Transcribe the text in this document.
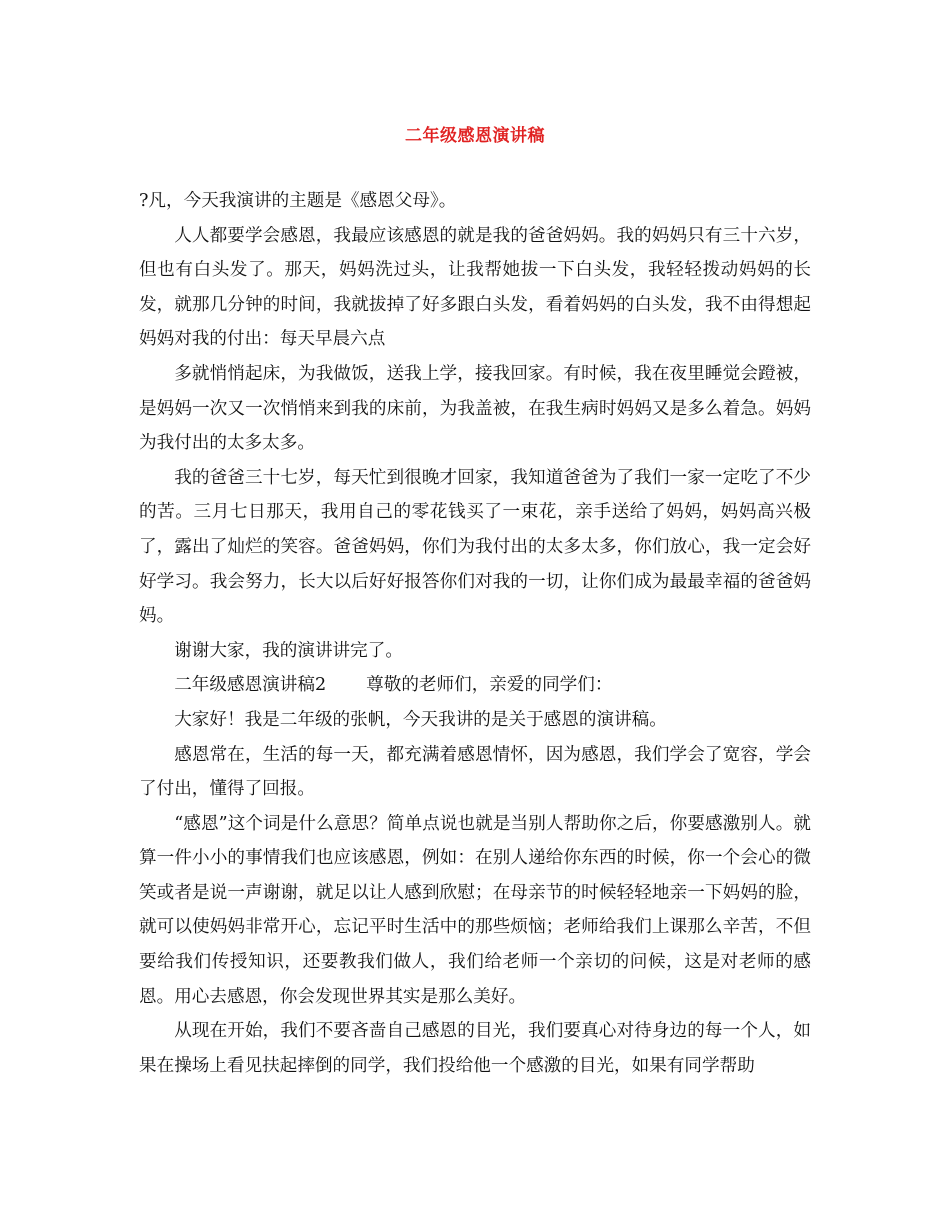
二年级感恩演讲稿

?凡，今天我演讲的主题是《感恩父母》。

人人都要学会感恩，我最应该感恩的就是我的爸爸妈妈。我的妈妈只有三十六岁，但也有白头发了。那天，妈妈洗过头，让我帮她拔一下白头发，我轻轻拨动妈妈的长发，就那几分钟的时间，我就拔掉了好多跟白头发，看着妈妈的白头发，我不由得想起妈妈对我的付出：每天早晨六点

多就悄悄起床，为我做饭，送我上学，接我回家。有时候，我在夜里睡觉会蹬被，是妈妈一次又一次悄悄来到我的床前，为我盖被，在我生病时妈妈又是多么着急。妈妈为我付出的太多太多。

我的爸爸三十七岁，每天忙到很晚才回家，我知道爸爸为了我们一家一定吃了不少的苦。三月七日那天，我用自己的零花钱买了一束花，亲手送给了妈妈，妈妈高兴极了，露出了灿烂的笑容。爸爸妈妈，你们为我付出的太多太多，你们放心，我一定会好好学习。我会努力，长大以后好好报答你们对我的一切，让你们成为最最幸福的爸爸妈妈。

谢谢大家，我的演讲讲完了。

二年级感恩演讲稿2 尊敬的老师们，亲爱的同学们：

大家好！我是二年级的张帆，今天我讲的是关于感恩的演讲稿。

感恩常在，生活的每一天，都充满着感恩情怀，因为感恩，我们学会了宽容，学会了付出，懂得了回报。

“感恩”这个词是什么意思？简单点说也就是当别人帮助你之后，你要感激别人。就算一件小小的事情我们也应该感恩，例如：在别人递给你东西的时候，你一个会心的微笑或者是说一声谢谢，就足以让人感到欣慰；在母亲节的时候轻轻地亲一下妈妈的脸，就可以使妈妈非常开心，忘记平时生活中的那些烦恼；老师给我们上课那么辛苦，不但要给我们传授知识，还要教我们做人，我们给老师一个亲切的问候，这是对老师的感恩。用心去感恩，你会发现世界其实是那么美好。

从现在开始，我们不要吝啬自己感恩的目光，我们要真心对待身边的每一个人，如果在操场上看见扶起摔倒的同学，我们投给他一个感激的目光，如果有同学帮助
